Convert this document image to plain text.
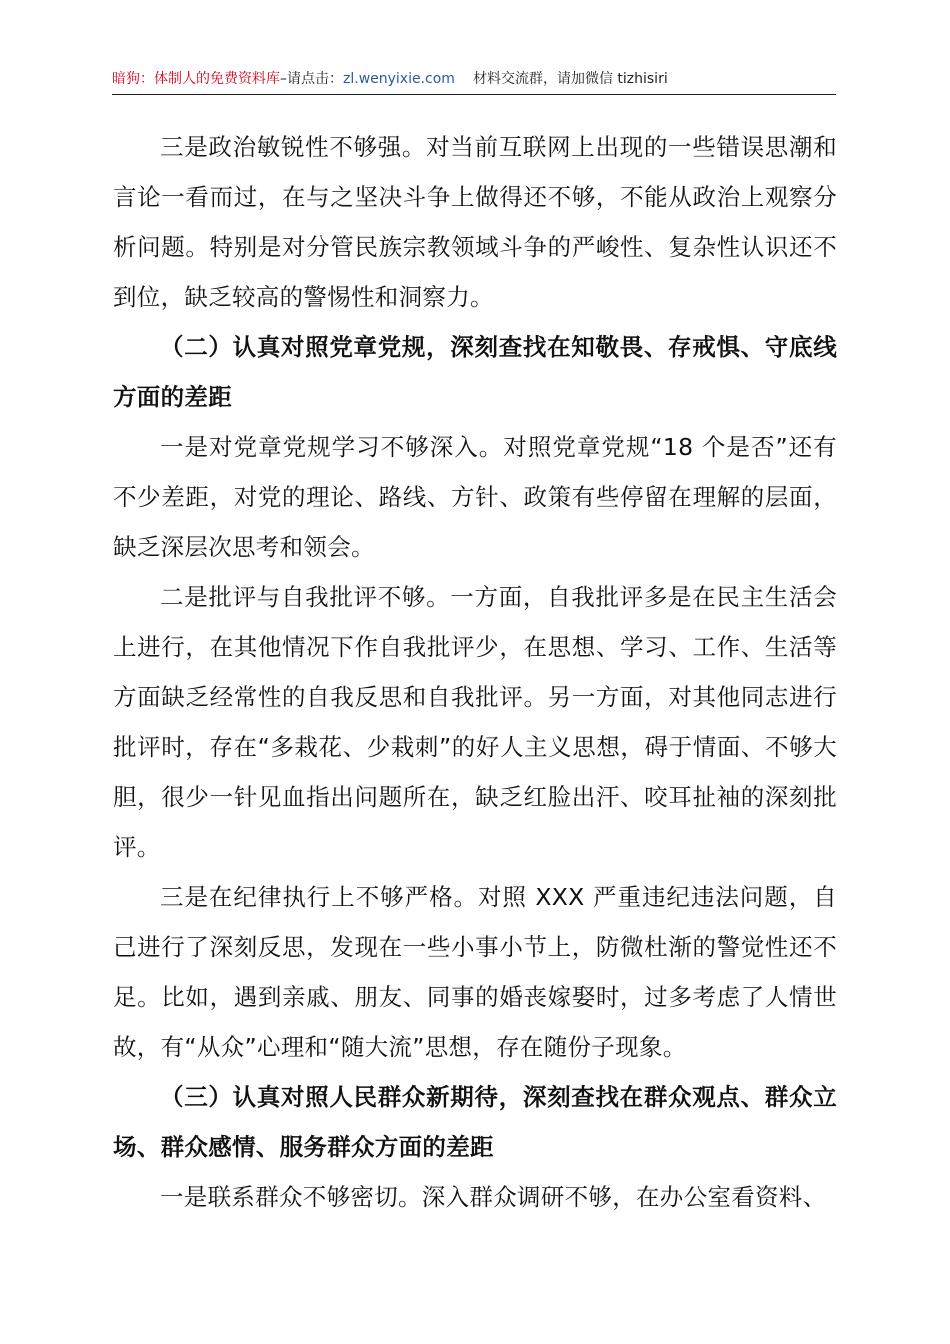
暗狗：体制人的免费资料库–请点击：zl.wenyixie.com 材料交流群，请加微信 tizhisiri

三是政治敏锐性不够强。对当前互联网上出现的一些错误思潮和言论一看而过，在与之坚决斗争上做得还不够，不能从政治上观察分析问题。特别是对分管民族宗教领域斗争的严峻性、复杂性认识还不到位，缺乏较高的警惕性和洞察力。

（二）认真对照党章党规，深刻查找在知敬畏、存戒惧、守底线方面的差距

一是对党章党规学习不够深入。对照党章党规“18 个是否”还有不少差距，对党的理论、路线、方针、政策有些停留在理解的层面，缺乏深层次思考和领会。

二是批评与自我批评不够。一方面，自我批评多是在民主生活会上进行，在其他情况下作自我批评少，在思想、学习、工作、生活等方面缺乏经常性的自我反思和自我批评。另一方面，对其他同志进行批评时，存在“多栽花、少栽刺”的好人主义思想，碍于情面、不够大胆，很少一针见血指出问题所在，缺乏红脸出汗、咬耳扯袖的深刻批评。

三是在纪律执行上不够严格。对照 XXX 严重违纪违法问题，自己进行了深刻反思，发现在一些小事小节上，防微杜渐的警觉性还不足。比如，遇到亲戚、朋友、同事的婚丧嫁娶时，过多考虑了人情世故，有“从众”心理和“随大流”思想，存在随份子现象。

（三）认真对照人民群众新期待，深刻查找在群众观点、群众立场、群众感情、服务群众方面的差距

一是联系群众不够密切。深入群众调研不够，在办公室看资料、
